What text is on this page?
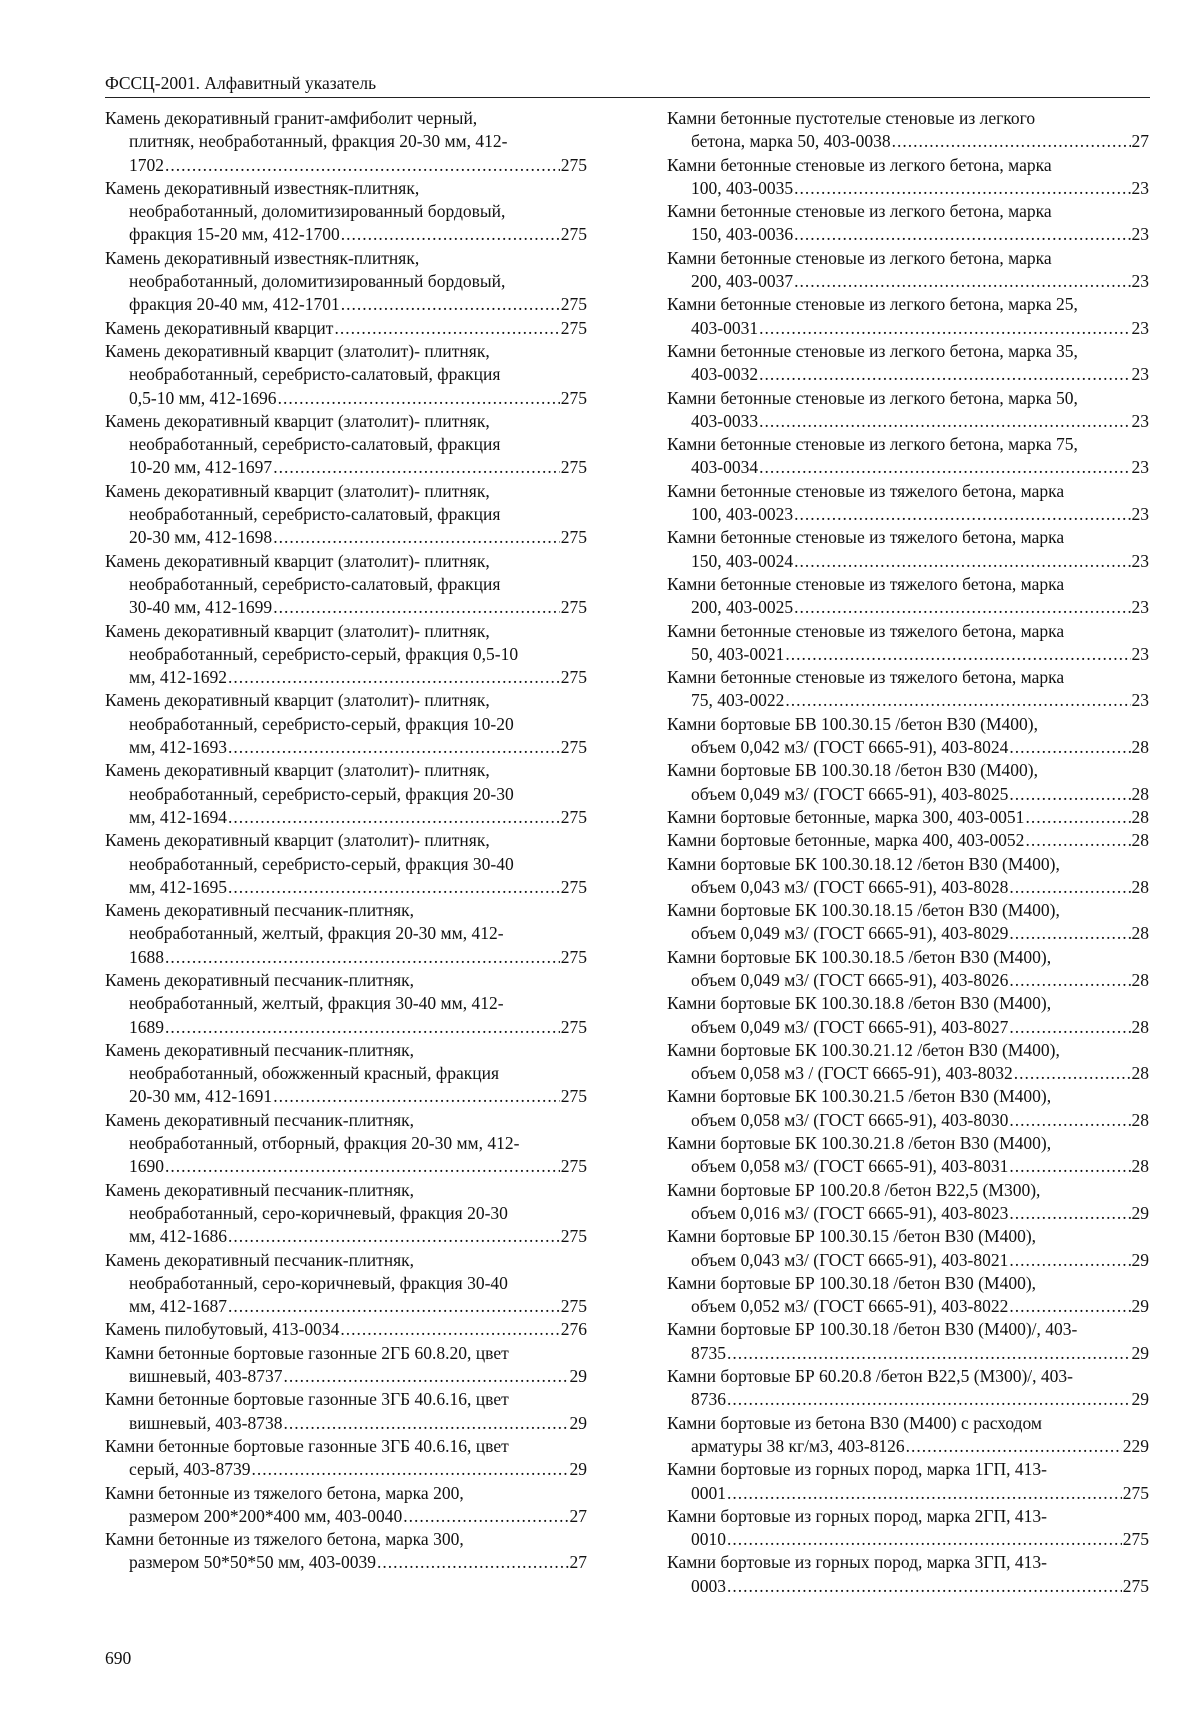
ФССЦ-2001. Алфавитный указатель
Камень декоративный гранит-амфиболит черный,
плитняк, необработанный, фракция 20-30 мм, 412-
1702 .....	275
Камень декоративный известняк-плитняк,
необработанный, доломитизированный бордовый,
фракция 15-20 мм, 412-1700 .....	275
Камень декоративный известняк-плитняк,
необработанный, доломитизированный бордовый,
фракция 20-40 мм, 412-1701 .....	275
Камень декоративный кварцит .....	275
Камень декоративный кварцит (златолит)- плитняк,
необработанный, серебристо-салатовый, фракция
0,5-10 мм, 412-1696 .....	275
Камень декоративный кварцит (златолит)- плитняк,
необработанный, серебристо-салатовый, фракция
10-20 мм, 412-1697 .....	275
Камень декоративный кварцит (златолит)- плитняк,
необработанный, серебристо-салатовый, фракция
20-30 мм, 412-1698 .....	275
Камень декоративный кварцит (златолит)- плитняк,
необработанный, серебристо-салатовый, фракция
30-40 мм, 412-1699 .....	275
Камень декоративный кварцит (златолит)- плитняк,
необработанный, серебристо-серый, фракция 0,5-10
мм, 412-1692 .....	275
Камень декоративный кварцит (златолит)- плитняк,
необработанный, серебристо-серый, фракция 10-20
мм, 412-1693 .....	275
Камень декоративный кварцит (златолит)- плитняк,
необработанный, серебристо-серый, фракция 20-30
мм, 412-1694 .....	275
Камень декоративный кварцит (златолит)- плитняк,
необработанный, серебристо-серый, фракция 30-40
мм, 412-1695 .....	275
Камень декоративный песчаник-плитняк,
необработанный, желтый, фракция 20-30 мм, 412-
1688 .....	275
Камень декоративный песчаник-плитняк,
необработанный, желтый, фракция 30-40 мм, 412-
1689 .....	275
Камень декоративный песчаник-плитняк,
необработанный, обожженный красный, фракция
20-30 мм, 412-1691 .....	275
Камень декоративный песчаник-плитняк,
необработанный, отборный, фракция 20-30 мм, 412-
1690 .....	275
Камень декоративный песчаник-плитняк,
необработанный, серо-коричневый, фракция 20-30
мм, 412-1686 .....	275
Камень декоративный песчаник-плитняк,
необработанный, серо-коричневый, фракция 30-40
мм, 412-1687 .....	275
Камень пилобутовый, 413-0034 .....	276
Камни бетонные бортовые газонные 2ГБ 60.8.20, цвет
вишневый, 403-8737 .....	29
Камни бетонные бортовые газонные 3ГБ 40.6.16, цвет
вишневый, 403-8738 .....	29
Камни бетонные бортовые газонные 3ГБ 40.6.16, цвет
серый, 403-8739 .....	29
Камни бетонные из тяжелого бетона, марка 200,
размером 200*200*400 мм, 403-0040 .....	27
Камни бетонные из тяжелого бетона, марка 300,
размером 50*50*50 мм, 403-0039 .....	27
Камни бетонные пустотелые стеновые из легкого
бетона, марка 50, 403-0038 .....	27
Камни бетонные стеновые из легкого бетона, марка
100, 403-0035 .....	23
Камни бетонные стеновые из легкого бетона, марка
150, 403-0036 .....	23
Камни бетонные стеновые из легкого бетона, марка
200, 403-0037 .....	23
Камни бетонные стеновые из легкого бетона, марка 25,
403-0031 .....	23
Камни бетонные стеновые из легкого бетона, марка 35,
403-0032 .....	23
Камни бетонные стеновые из легкого бетона, марка 50,
403-0033 .....	23
Камни бетонные стеновые из легкого бетона, марка 75,
403-0034 .....	23
Камни бетонные стеновые из тяжелого бетона, марка
100, 403-0023 .....	23
Камни бетонные стеновые из тяжелого бетона, марка
150, 403-0024 .....	23
Камни бетонные стеновые из тяжелого бетона, марка
200, 403-0025 .....	23
Камни бетонные стеновые из тяжелого бетона, марка
50, 403-0021 .....	23
Камни бетонные стеновые из тяжелого бетона, марка
75, 403-0022 .....	23
Камни бортовые БВ 100.30.15 /бетон В30 (М400),
объем 0,042 м3/ (ГОСТ 6665-91), 403-8024 .....	28
Камни бортовые БВ 100.30.18 /бетон В30 (М400),
объем 0,049 м3/ (ГОСТ 6665-91), 403-8025 .....	28
Камни бортовые бетонные, марка 300, 403-0051 .....	28
Камни бортовые бетонные, марка 400, 403-0052 .....	28
Камни бортовые БК 100.30.18.12 /бетон В30 (М400),
объем 0,043 м3/ (ГОСТ 6665-91), 403-8028 .....	28
Камни бортовые БК 100.30.18.15 /бетон В30 (М400),
объем 0,049 м3/ (ГОСТ 6665-91), 403-8029 .....	28
Камни бортовые БК 100.30.18.5 /бетон В30 (М400),
объем 0,049 м3/ (ГОСТ 6665-91), 403-8026 .....	28
Камни бортовые БК 100.30.18.8 /бетон В30 (М400),
объем 0,049 м3/ (ГОСТ 6665-91), 403-8027 .....	28
Камни бортовые БК 100.30.21.12 /бетон В30 (М400),
объем 0,058 м3 / (ГОСТ 6665-91), 403-8032 .....	28
Камни бортовые БК 100.30.21.5 /бетон В30 (М400),
объем 0,058 м3/ (ГОСТ 6665-91), 403-8030 .....	28
Камни бортовые БК 100.30.21.8 /бетон В30 (М400),
объем 0,058 м3/ (ГОСТ 6665-91), 403-8031 .....	28
Камни бортовые БР 100.20.8 /бетон В22,5 (М300),
объем 0,016 м3/ (ГОСТ 6665-91), 403-8023 .....	29
Камни бортовые БР 100.30.15 /бетон В30 (М400),
объем 0,043 м3/ (ГОСТ 6665-91), 403-8021 .....	29
Камни бортовые БР 100.30.18 /бетон В30 (М400),
объем 0,052 м3/ (ГОСТ 6665-91), 403-8022 .....	29
Камни бортовые БР 100.30.18 /бетон В30 (М400)/, 403-
8735 .....	29
Камни бортовые БР 60.20.8 /бетон В22,5 (М300)/, 403-
8736 .....	29
Камни бортовые из бетона В30 (М400) с расходом
арматуры 38 кг/м3, 403-8126 .....	229
Камни бортовые из горных пород, марка 1ГП, 413-
0001 .....	275
Камни бортовые из горных пород, марка 2ГП, 413-
0010 .....	275
Камни бортовые из горных пород, марка 3ГП, 413-
0003 .....	275
690
